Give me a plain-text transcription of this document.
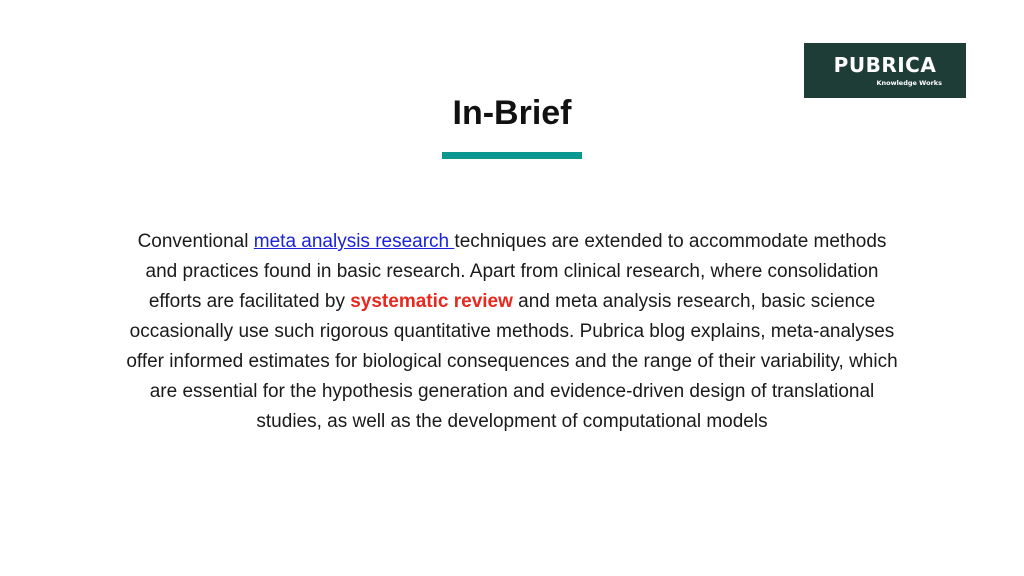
PUBRICA
Knowledge Works
In-Brief

Conventional meta analysis research techniques are extended to accommodate methods and practices found in basic research. Apart from clinical research, where consolidation efforts are facilitated by systematic review and meta analysis research, basic science occasionally use such rigorous quantitative methods. Pubrica blog explains, meta-analyses offer informed estimates for biological consequences and the range of their variability, which are essential for the hypothesis generation and evidence-driven design of translational studies, as well as the development of computational models
